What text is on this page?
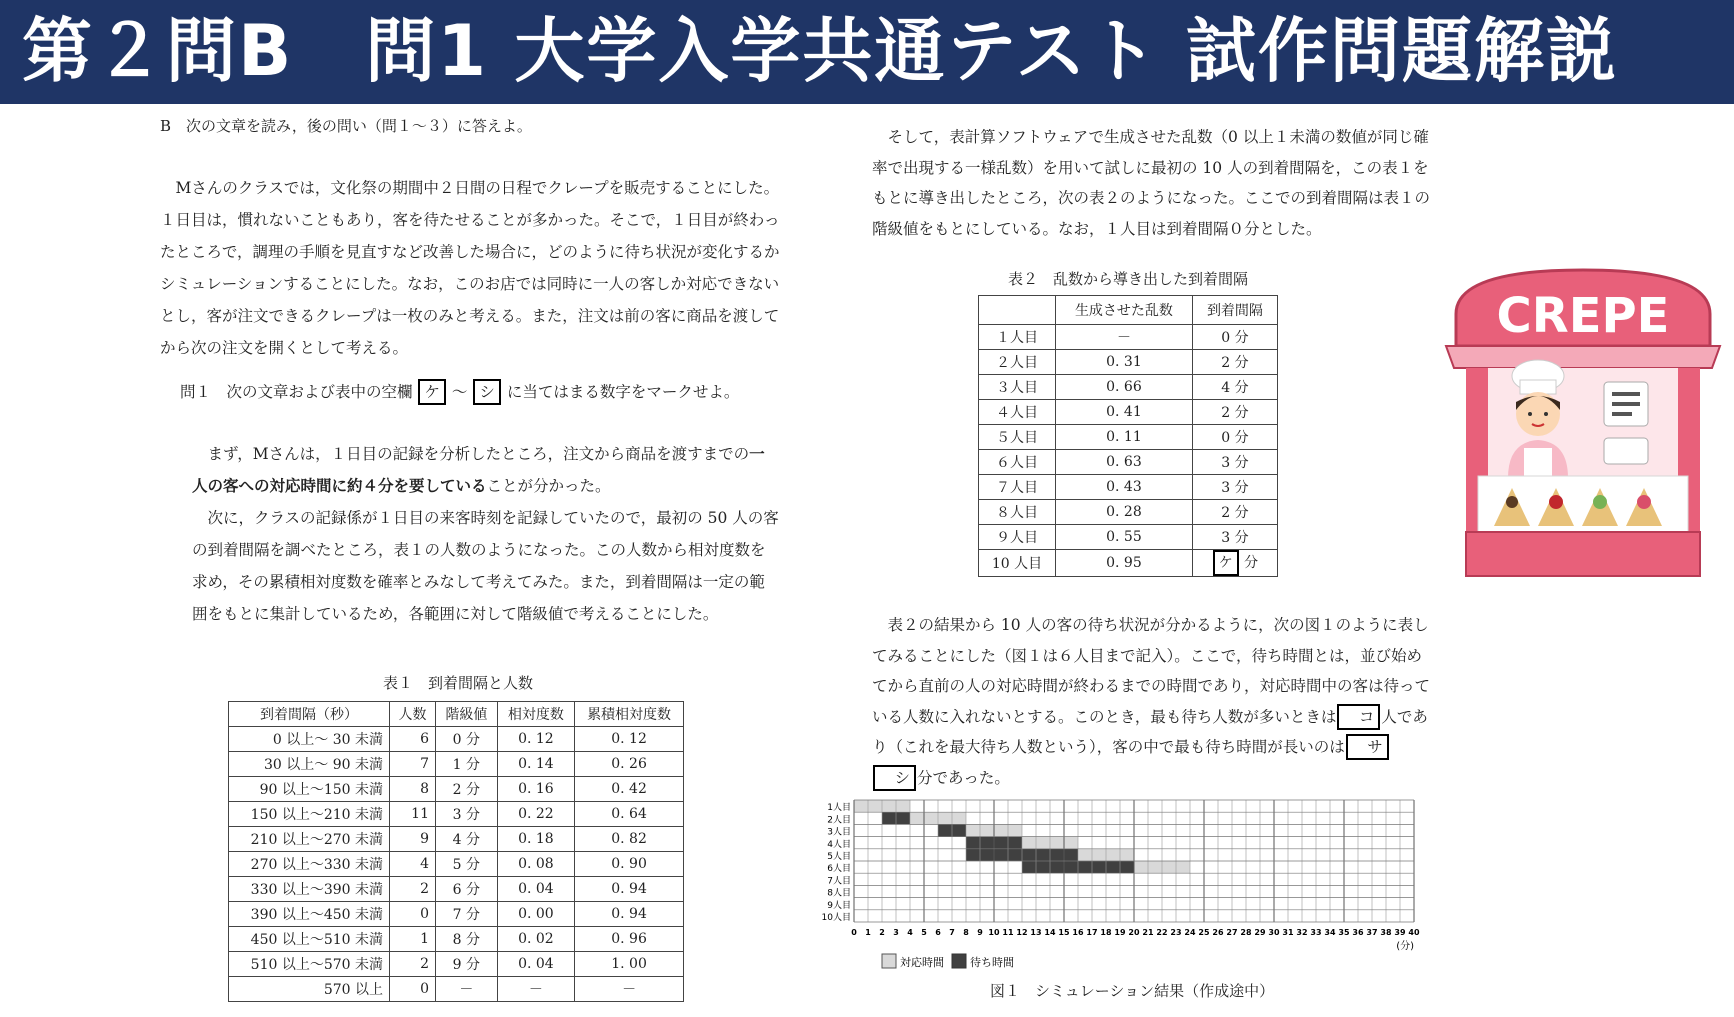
第２問B　問1 大学入学共通テスト 試作問題解説
B　次の文章を読み，後の問い（問１～３）に答えよ。

Mさんのクラスでは，文化祭の期間中２日間の日程でクレープを販売することにした。１日目は，慣れないこともあり，客を待たせることが多かった。そこで，１日目が終わったところで，調理の手順を見直すなど改善した場合に，どのように待ち状況が変化するかシミュレーションすることにした。なお，このお店では同時に一人の客しか対応できないとし，客が注文できるクレープは一枚のみと考える。また，注文は前の客に商品を渡してから次の注文を開くとして考える。

問１　次の文章および表中の空欄 ケ ～ シ に当てはまる数字をマークせよ。

まず，Mさんは，１日目の記録を分析したところ，注文から商品を渡すまでの一人の客への対応時間に約４分を要していることが分かった。

次に，クラスの記録係が１日目の来客時刻を記録していたので，最初の 50 人の客の到着間隔を調べたところ，表１の人数のようになった。この人数から相対度数を求め，その累積相対度数を確率とみなして考えてみた。また，到着間隔は一定の範囲をもとに集計しているため，各範囲に対して階級値で考えることにした。

表１　到着間隔と人数
到着間隔（秒）	人数	階級値	相対度数	累積相対度数
0 以上～ 30 未満	6	0 分	0. 12	0. 12
30 以上～ 90 未満	7	1 分	0. 14	0. 26
90 以上～150 未満	8	2 分	0. 16	0. 42
150 以上～210 未満	11	3 分	0. 22	0. 64
210 以上～270 未満	9	4 分	0. 18	0. 82
270 以上～330 未満	4	5 分	0. 08	0. 90
330 以上～390 未満	2	6 分	0. 04	0. 94
390 以上～450 未満	0	7 分	0. 00	0. 94
450 以上～510 未満	1	8 分	0. 02	0. 96
510 以上～570 未満	2	9 分	0. 04	1. 00
570 以上	0	－	－	－

そして，表計算ソフトウェアで生成させた乱数（0 以上１未満の数値が同じ確率で出現する一様乱数）を用いて試しに最初の 10 人の到着間隔を，この表１をもとに導き出したところ，次の表２のようになった。ここでの到着間隔は表１の階級値をもとにしている。なお，１人目は到着間隔０分とした。

表２　乱数から導き出した到着間隔
	生成させた乱数	到着間隔
１人目	－	0 分
２人目	0. 31	2 分
３人目	0. 66	4 分
４人目	0. 41	2 分
５人目	0. 11	0 分
６人目	0. 63	3 分
７人目	0. 43	3 分
８人目	0. 28	2 分
９人目	0. 55	3 分
10 人目	0. 95	ケ 分

表２の結果から 10 人の客の待ち状況が分かるように，次の図１のように表してみることにした（図１は６人目まで記入）。ここで，待ち時間とは，並び始めてから直前の人の対応時間が終わるまでの時間であり，対応時間中の客は待っている人数に入れないとする。このとき，最も待ち人数が多いときは コ 人であり（これを最大待ち人数という），客の中で最も待ち時間が長いのは サシ 分であった。

CREPE
1人目
2人目
3人目
4人目
5人目
6人目
7人目
8人目
9人目
10人目
0 1 2 3 4 5 6 7 8 9 10 11 12 13 14 15 16 17 18 19 20 21 22 23 24 25 26 27 28 29 30 31 32 33 34 35 36 37 38 39 40
(分)
対応時間 待ち時間
図１　シミュレーション結果（作成途中）
